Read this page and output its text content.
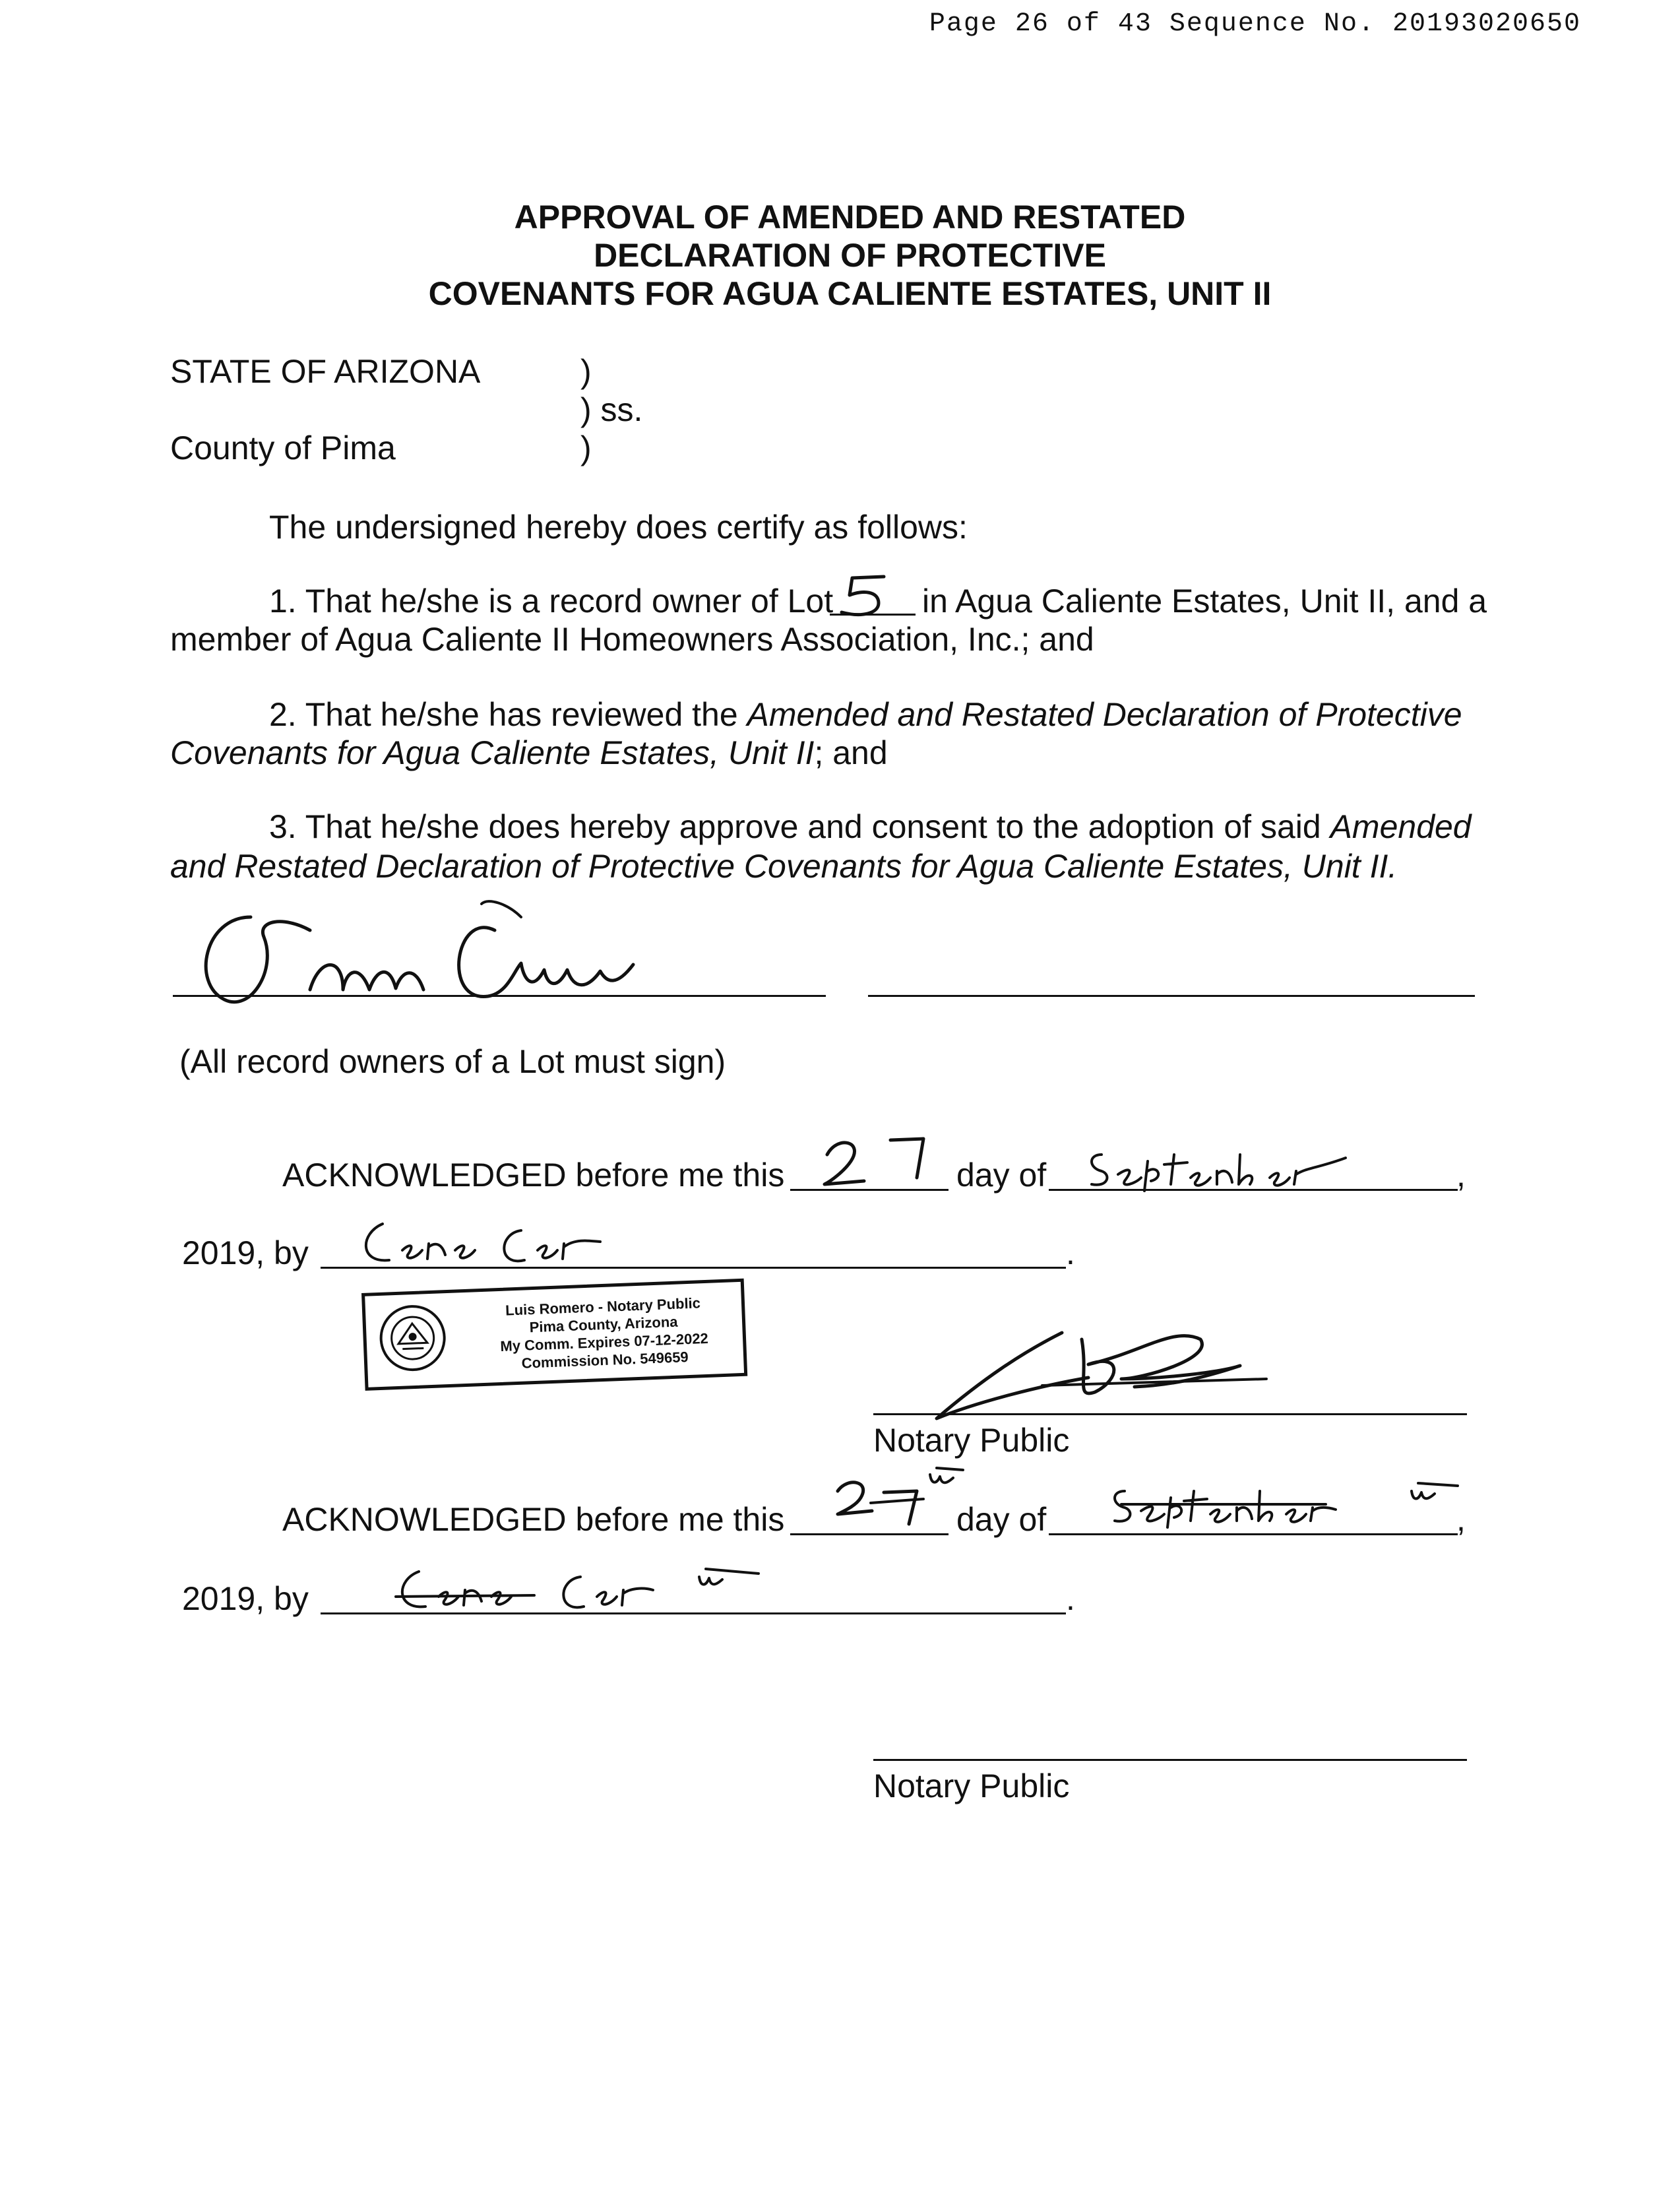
Page 26 of 43 Sequence No. 20193020650
APPROVAL OF AMENDED AND RESTATED
DECLARATION OF PROTECTIVE
COVENANTS FOR AGUA CALIENTE ESTATES, UNIT II
STATE OF ARIZONA	)
) ss.
County of Pima	)
The undersigned hereby does certify as follows:
1. That he/she is a record owner of Lot	in Agua Caliente Estates, Unit II, and a
member of Agua Caliente II Homeowners Association, Inc.; and
2. That he/she has reviewed the Amended and Restated Declaration of Protective
Covenants for Agua Caliente Estates, Unit II; and
3. That he/she does hereby approve and consent to the adoption of said Amended
and Restated Declaration of Protective Covenants for Agua Caliente Estates, Unit II.
(All record owners of a Lot must sign)
ACKNOWLEDGED before me this	day of	,
2019, by	.
Luis Romero - Notary Public
Pima County, Arizona
My Comm. Expires 07-12-2022
Commission No. 549659
Notary Public
ACKNOWLEDGED before me this	day of	,
2019, by	.
Notary Public
